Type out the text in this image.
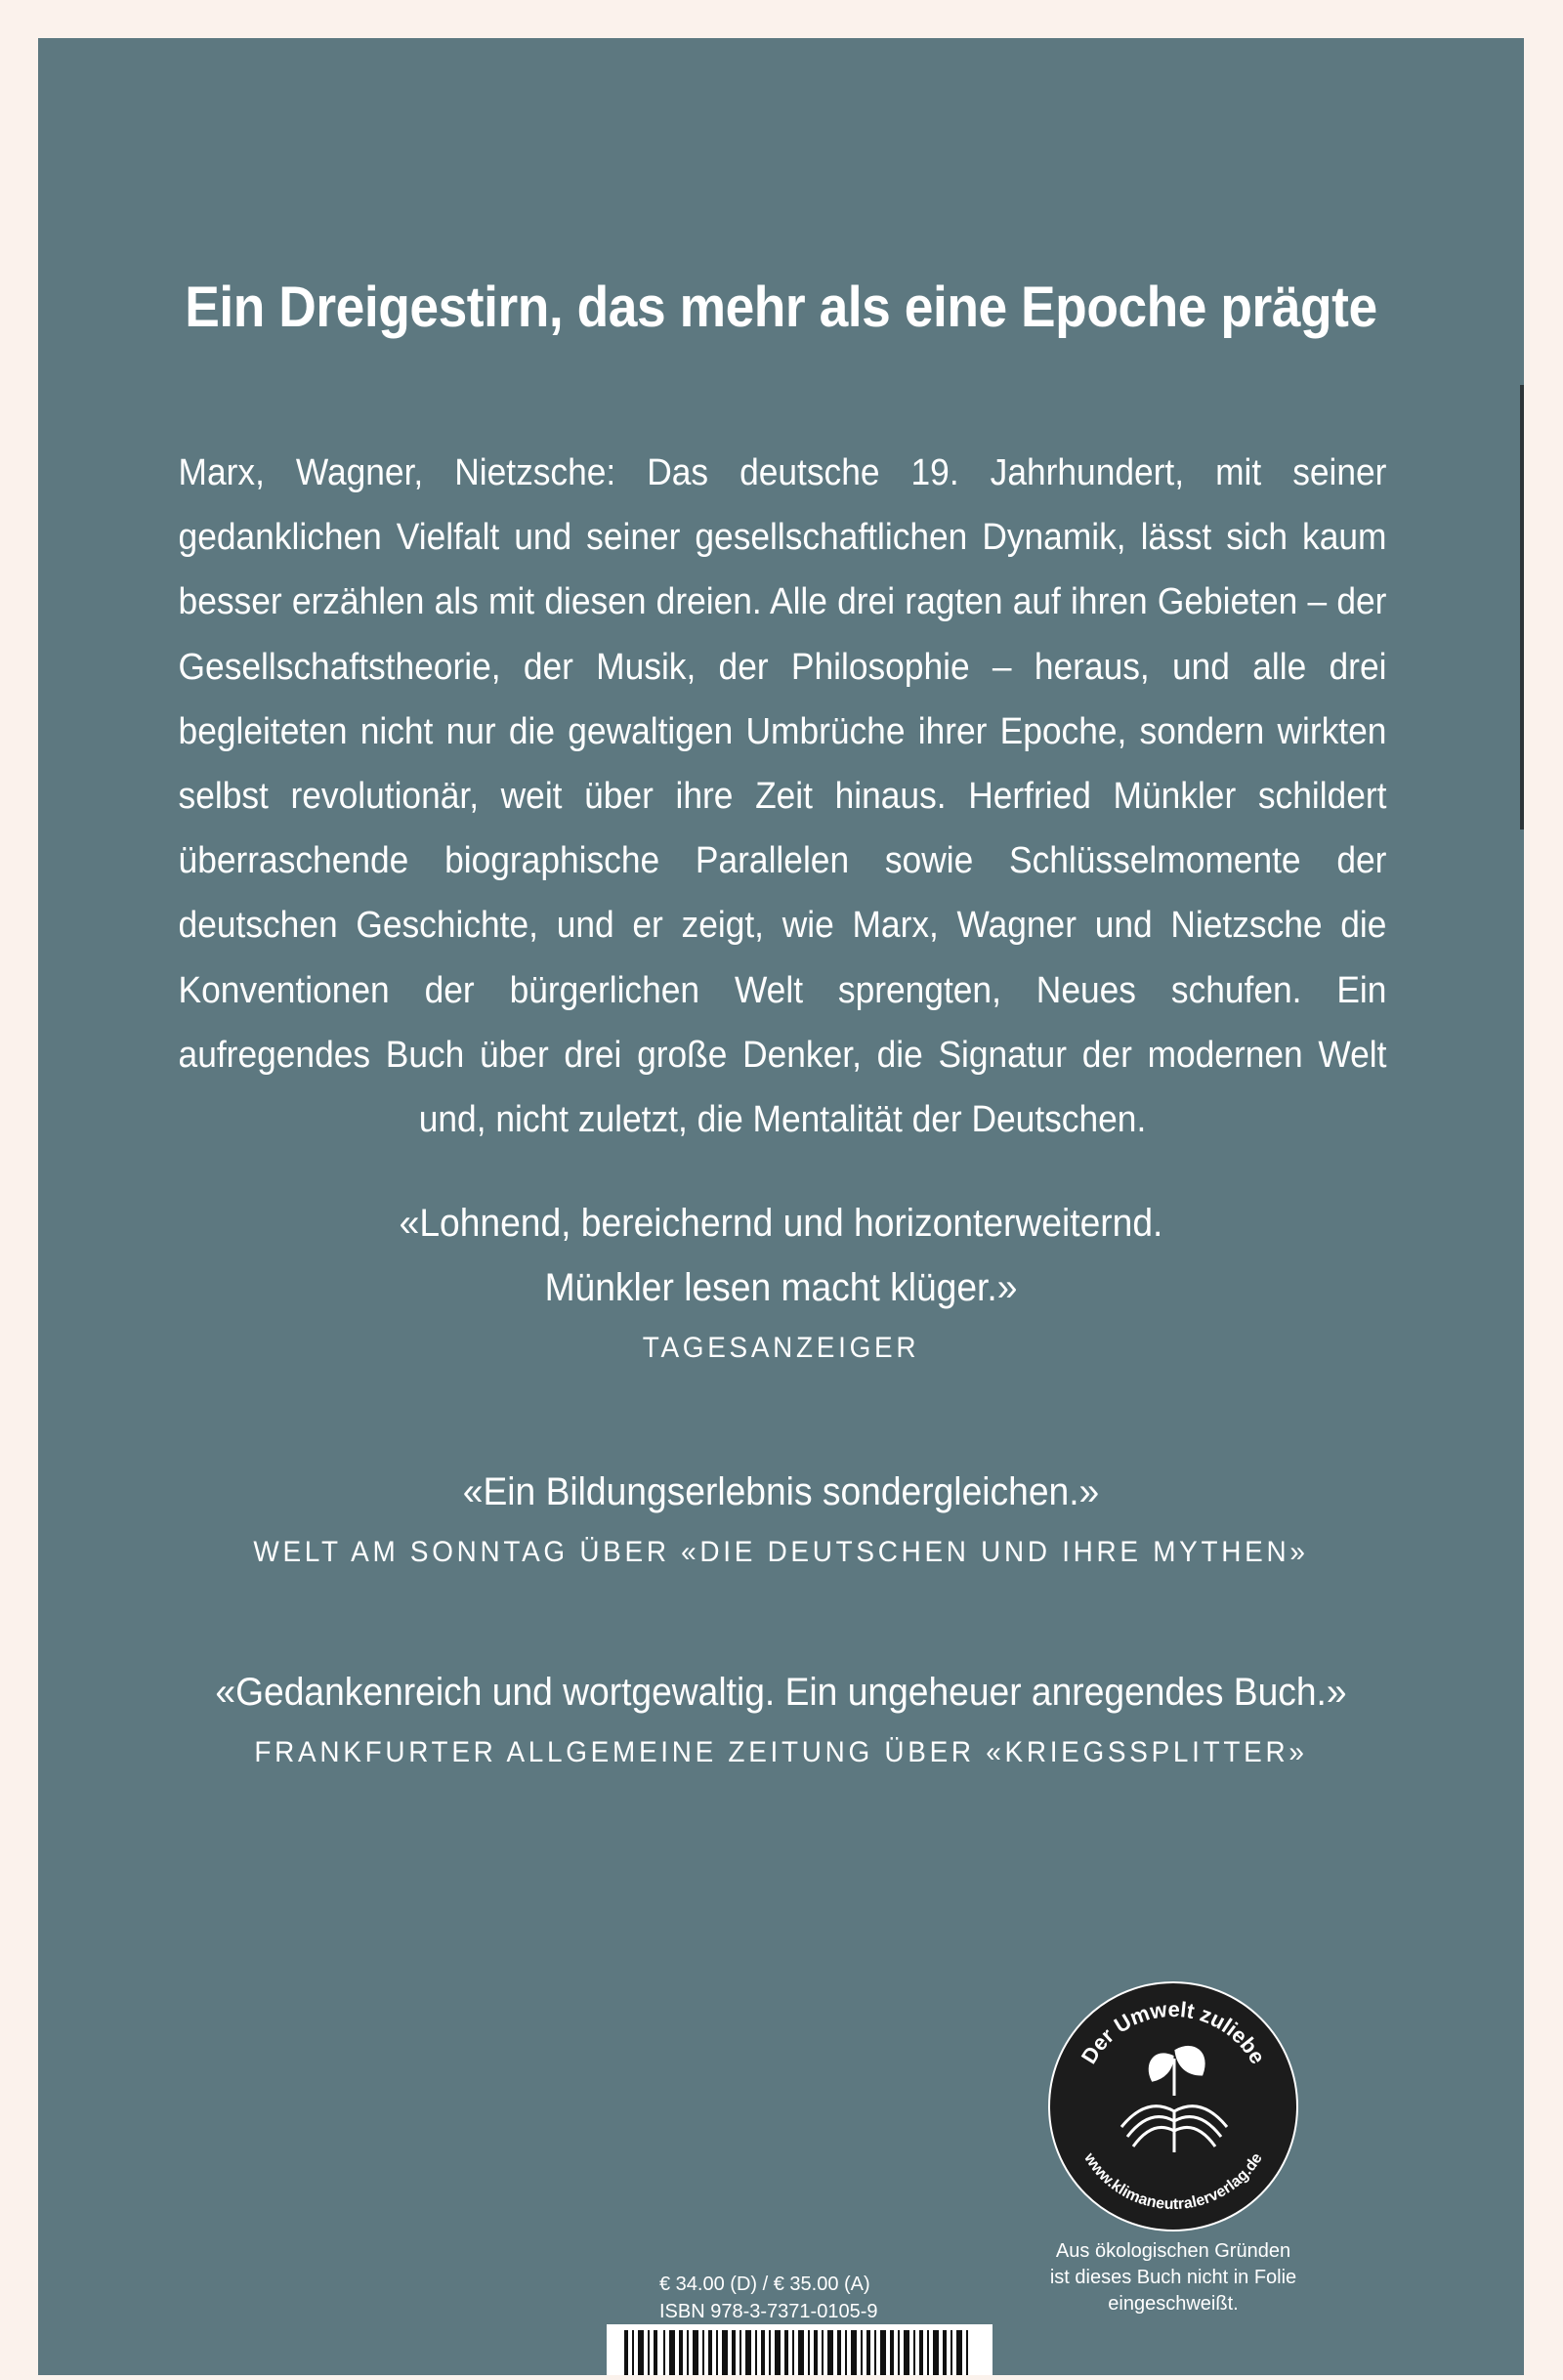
Ein Dreigestirn, das mehr als eine Epoche prägte

Marx, Wagner, Nietzsche: Das deutsche 19. Jahrhundert, mit seiner gedanklichen Vielfalt und seiner gesellschaftlichen Dynamik, lässt sich kaum besser erzählen als mit diesen dreien. Alle drei ragten auf ihren Gebieten – der Gesellschaftstheorie, der Musik, der Philosophie – heraus, und alle drei begleiteten nicht nur die gewaltigen Umbrüche ihrer Epoche, sondern wirkten selbst revolutionär, weit über ihre Zeit hinaus. Herfried Münkler schildert überraschende biographische Parallelen sowie Schlüsselmomente der deutschen Geschichte, und er zeigt, wie Marx, Wagner und Nietzsche die Konventionen der bürgerlichen Welt sprengten, Neues schufen. Ein aufregendes Buch über drei große Denker, die Signatur der modernen Welt und, nicht zuletzt, die Mentalität der Deutschen.

«Lohnend, bereichernd und horizonterweiternd.
Münkler lesen macht klüger.»
TAGESANZEIGER
«Ein Bildungserlebnis sondergleichen.»
WELT AM SONNTAG ÜBER «DIE DEUTSCHEN UND IHRE MYTHEN»
«Gedankenreich und wortgewaltig. Ein ungeheuer anregendes Buch.»
FRANKFURTER ALLGEMEINE ZEITUNG ÜBER «KRIEGSSPLITTER»
Der Umwelt zuliebe
www.klimaneutralerverlag.de
Aus ökologischen Gründen
ist dieses Buch nicht in Folie
eingeschweißt.
€ 34.00 (D) / € 35.00 (A)
ISBN 978-3-7371-0105-9
